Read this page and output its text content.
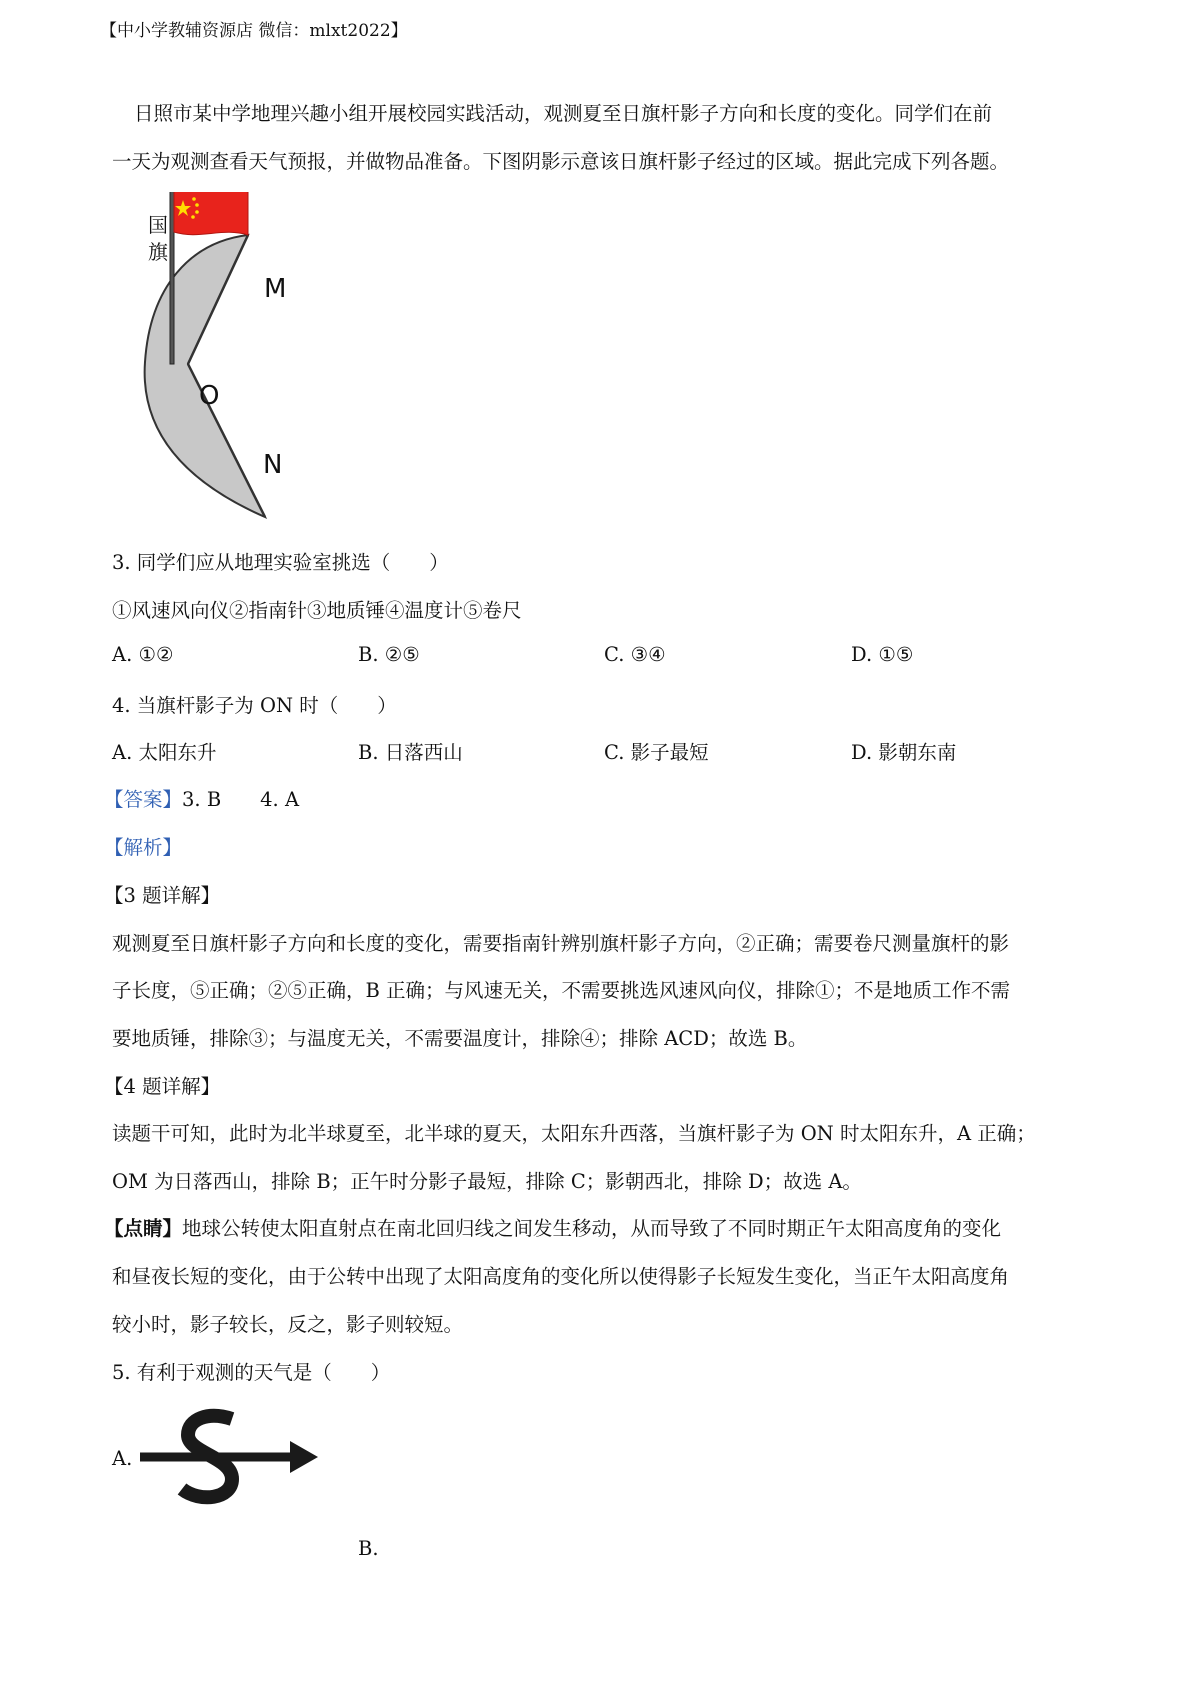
【中小学教辅资源店 微信：mlxt2022】
日照市某中学地理兴趣小组开展校园实践活动，观测夏至日旗杆影子方向和长度的变化。同学们在前
一天为观测查看天气预报，并做物品准备。下图阴影示意该日旗杆影子经过的区域。据此完成下列各题。
国旗
M
O
N
3. 同学们应从地理实验室挑选（　　）
①风速风向仪②指南针③地质锤④温度计⑤卷尺
A. ①②	B. ②⑤	C. ③④	D. ①⑤
4. 当旗杆影子为 ON 时（　　）
A. 太阳东升	B. 日落西山	C. 影子最短	D. 影朝东南
【答案】3. B　　4. A
【解析】
【3 题详解】
观测夏至日旗杆影子方向和长度的变化，需要指南针辨别旗杆影子方向，②正确；需要卷尺测量旗杆的影
子长度，⑤正确；②⑤正确，B 正确；与风速无关，不需要挑选风速风向仪，排除①；不是地质工作不需
要地质锤，排除③；与温度无关，不需要温度计，排除④；排除 ACD；故选 B。
【4 题详解】
读题干可知，此时为北半球夏至，北半球的夏天，太阳东升西落，当旗杆影子为 ON 时太阳东升，A 正确；
OM 为日落西山，排除 B；正午时分影子最短，排除 C；影朝西北，排除 D；故选 A。
【点睛】地球公转使太阳直射点在南北回归线之间发生移动，从而导致了不同时期正午太阳高度角的变化
和昼夜长短的变化，由于公转中出现了太阳高度角的变化所以使得影子长短发生变化，当正午太阳高度角
较小时，影子较长，反之，影子则较短。
5. 有利于观测的天气是（　　）
A.
B.
